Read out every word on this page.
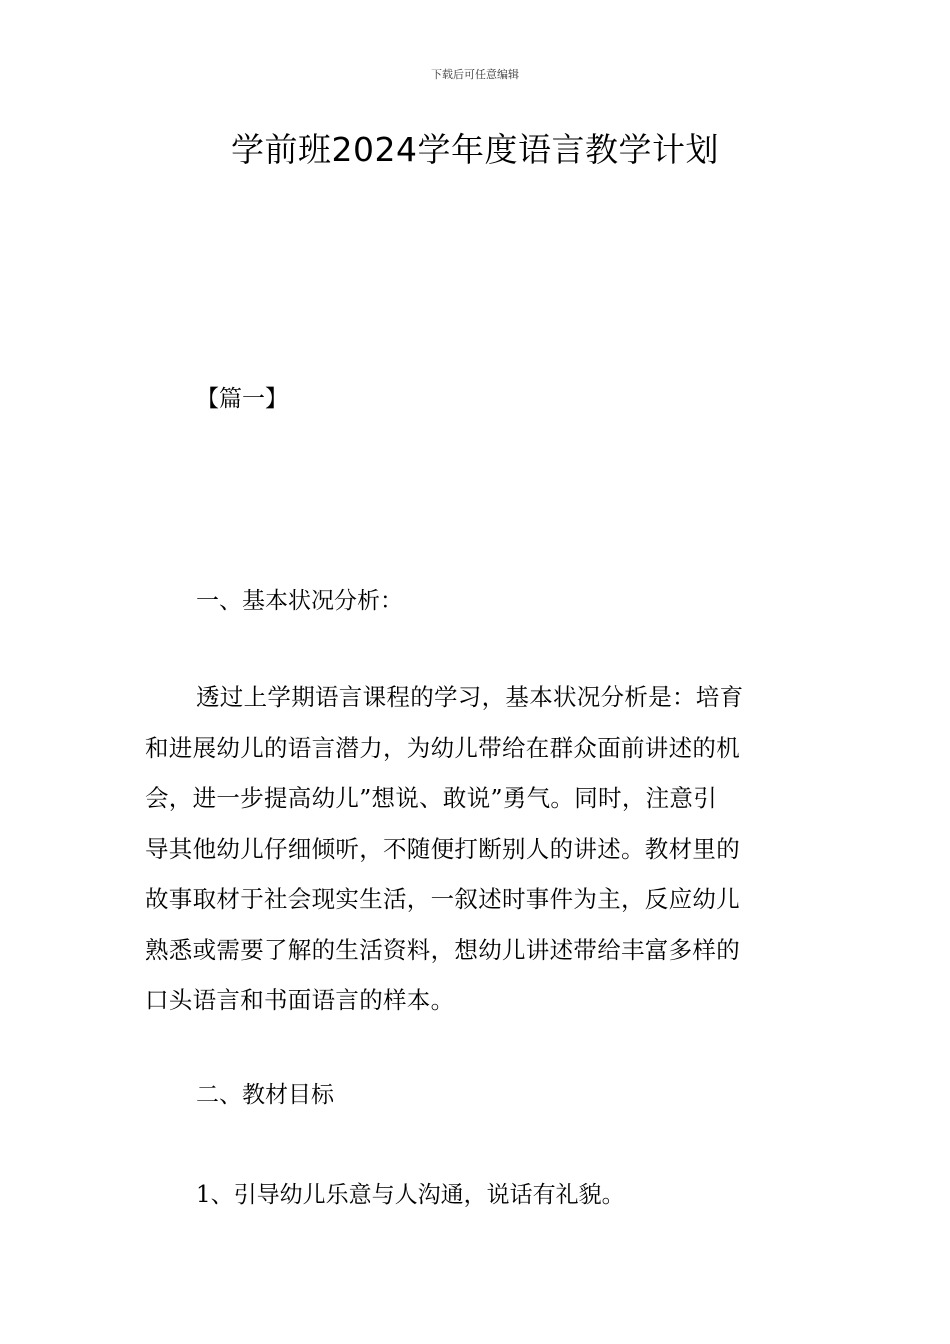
下载后可任意编辑
学前班2024学年度语言教学计划
【篇一】
一、基本状况分析：
透过上学期语言课程的学习，基本状况分析是：培育
和进展幼儿的语言潜力，为幼儿带给在群众面前讲述的机
会，进一步提高幼儿”想说、敢说”勇气。同时，注意引
导其他幼儿仔细倾听，不随便打断别人的讲述。教材里的
故事取材于社会现实生活，一叙述时事件为主，反应幼儿
熟悉或需要了解的生活资料，想幼儿讲述带给丰富多样的
口头语言和书面语言的样本。
二、教材目标

1、引导幼儿乐意与人沟通，说话有礼貌。
